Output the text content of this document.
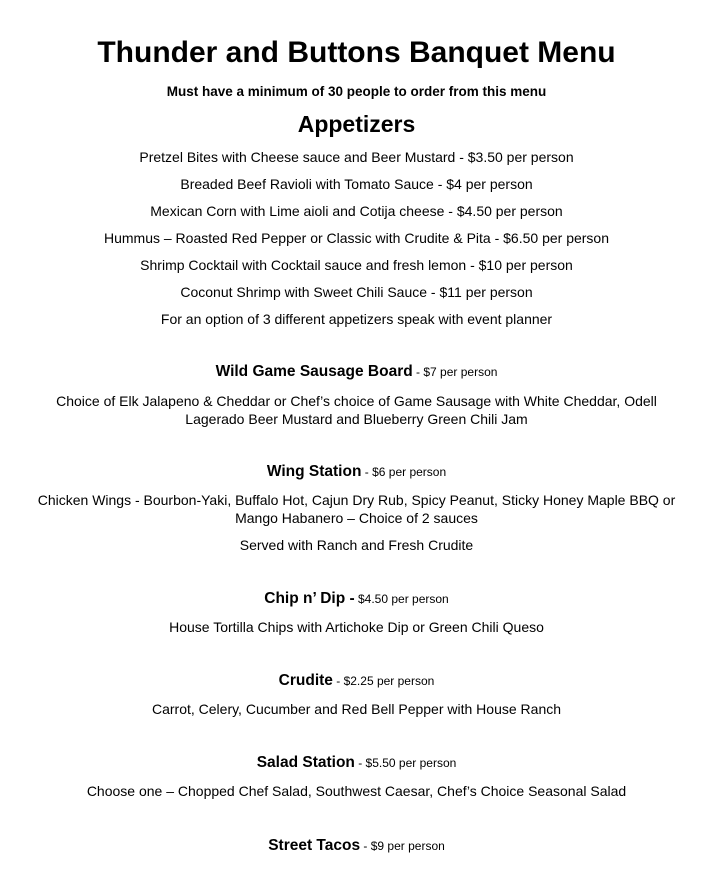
Thunder and Buttons Banquet Menu
Must have a minimum of 30 people to order from this menu
Appetizers
Pretzel Bites with Cheese sauce and Beer Mustard - $3.50 per person
Breaded Beef Ravioli with Tomato Sauce - $4 per person
Mexican Corn with Lime aioli and Cotija cheese - $4.50 per person
Hummus – Roasted Red Pepper or Classic with Crudite & Pita - $6.50 per person
Shrimp Cocktail with Cocktail sauce and fresh lemon - $10 per person
Coconut Shrimp with Sweet Chili Sauce - $11 per person
For an option of 3 different appetizers speak with event planner
Wild Game Sausage Board - $7 per person
Choice of Elk Jalapeno & Cheddar or Chef’s choice of Game Sausage with White Cheddar, Odell Lagerado Beer Mustard and Blueberry Green Chili Jam
Wing Station - $6 per person
Chicken Wings - Bourbon-Yaki, Buffalo Hot, Cajun Dry Rub, Spicy Peanut, Sticky Honey Maple BBQ or Mango Habanero – Choice of 2 sauces
Served with Ranch and Fresh Crudite
Chip n’ Dip - $4.50 per person
House Tortilla Chips with Artichoke Dip or Green Chili Queso
Crudite - $2.25 per person
Carrot, Celery, Cucumber and Red Bell Pepper with House Ranch
Salad Station - $5.50 per person
Choose one – Chopped Chef Salad, Southwest Caesar, Chef’s Choice Seasonal Salad
Street Tacos - $9 per person
